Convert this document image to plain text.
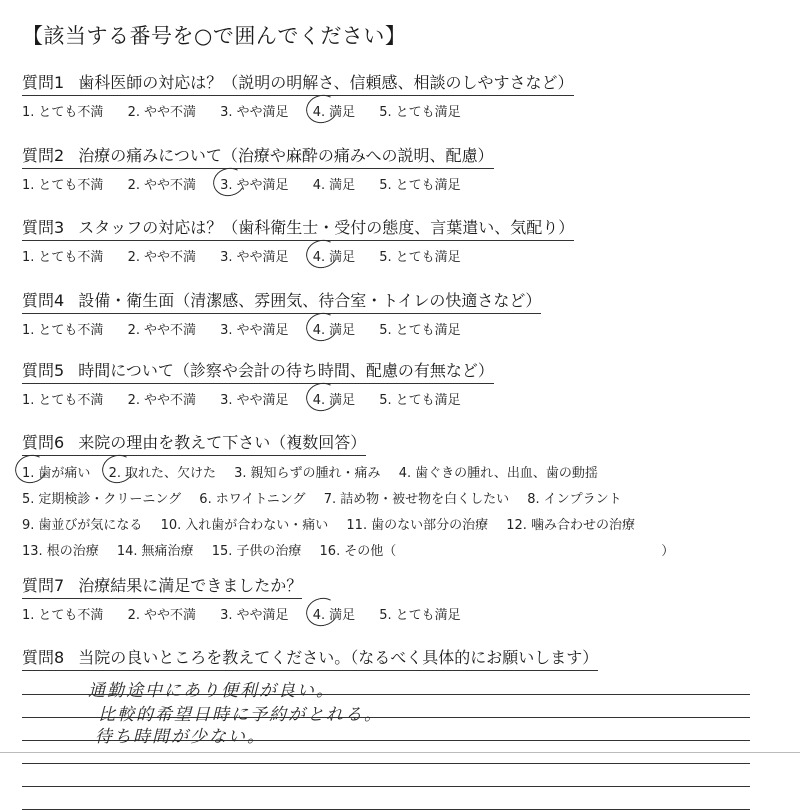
【該当する番号を○で囲んでください】
質問1 歯科医師の対応は？（説明の明解さ、信頼感、相談のしやすさなど）
1. とても不満 2. やや不満 3. やや満足 4. 満足 5. とても満足
質問2 治療の痛みについて（治療や麻酔の痛みへの説明、配慮）
1. とても不満 2. やや不満 3. やや満足 4. 満足 5. とても満足
質問3 スタッフの対応は？（歯科衛生士・受付の態度、言葉遣い、気配り）
1. とても不満 2. やや不満 3. やや満足 4. 満足 5. とても満足
質問4 設備・衛生面（清潔感、雰囲気、待合室・トイレの快適さなど）
1. とても不満 2. やや不満 3. やや満足 4. 満足 5. とても満足
質問5 時間について（診察や会計の待ち時間、配慮の有無など）
1. とても不満 2. やや不満 3. やや満足 4. 満足 5. とても満足
質問6 来院の理由を教えて下さい（複数回答）
1. 歯が痛い 2. 取れた、欠けた 3. 親知らずの腫れ・痛み 4. 歯ぐきの腫れ、出血、歯の動揺
5. 定期検診・クリーニング 6. ホワイトニング 7. 詰め物・被せ物を白くしたい 8. インプラント
9. 歯並びが気になる 10. 入れ歯が合わない・痛い 11. 歯のない部分の治療 12. 噛み合わせの治療
13. 根の治療 14. 無痛治療 15. 子供の治療 16. その他（	）
質問7 治療結果に満足できましたか？
1. とても不満 2. やや不満 3. やや満足 4. 満足 5. とても満足
質問8 当院の良いところを教えてください。（なるべく具体的にお願いします）
通勤途中にあり便利が良い。
比較的希望日時に予約がとれる。
待ち時間が少ない。
